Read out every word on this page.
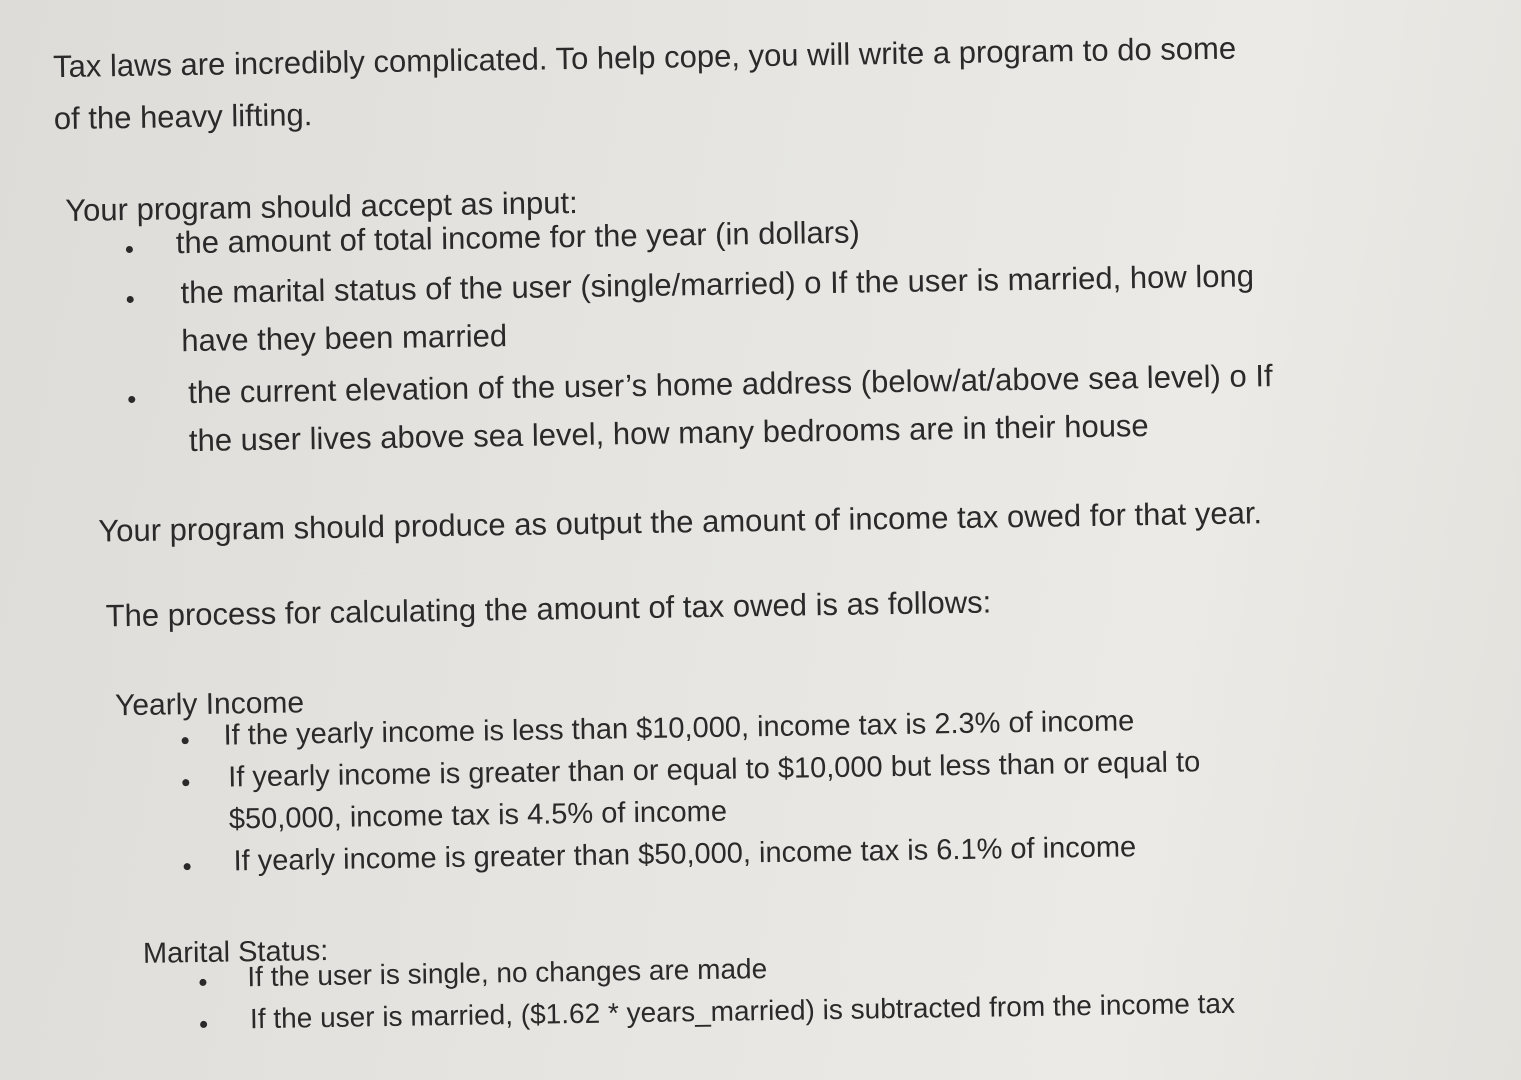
Tax laws are incredibly complicated. To help cope, you will write a program to do some
of the heavy lifting.

Your program should accept as input:

the amount of total income for the year (in dollars)
the marital status of the user (single/married) o If the user is married, how long
have they been married
the current elevation of the user’s home address (below/at/above sea level) o If
the user lives above sea level, how many bedrooms are in their house

Your program should produce as output the amount of income tax owed for that year.

The process for calculating the amount of tax owed is as follows:

Yearly Income

If the yearly income is less than $10,000, income tax is 2.3% of income
If yearly income is greater than or equal to $10,000 but less than or equal to
$50,000, income tax is 4.5% of income
If yearly income is greater than $50,000, income tax is 6.1% of income

Marital Status:

If the user is single, no changes are made
If the user is married, ($1.62 * years_married) is subtracted from the income tax
